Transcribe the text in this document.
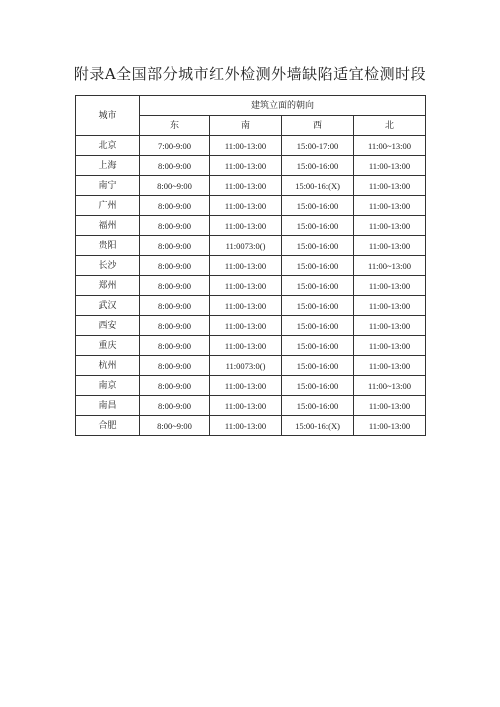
附录A全国部分城市红外检测外墙缺陷适宜检测时段
城市	建筑立面的朝向			
	东	南	西	北
北京	7:00-9:00	11:00-13:00	15:00-17:00	11:00~13:00
上海	8:00-9:00	11:00-13:00	15:00-16:00	11:00-13:00
南宁	8:00~9:00	11:00-13:00	15:00-16:(X)	11:00-13:00
广州	8:00-9:00	11:00-13:00	15:00-16:00	11:00-13:00
福州	8:00-9:00	11:00-13:00	15:00-16:00	11:00-13:00
贵阳	8:00-9:00	11:0073:0()	15:00-16:00	11:00-13:00
长沙	8:00-9:00	11:00-13:00	15:00-16:00	11:00~13:00
郑州	8:00-9:00	11:00-13:00	15:00-16:00	11:00-13:00
武汉	8:00-9:00	11:00-13:00	15:00-16:00	11:00-13:00
西安	8:00-9:00	11:00-13:00	15:00-16:00	11:00-13:00
重庆	8:00-9:00	11:00-13:00	15:00-16:00	11:00-13:00
杭州	8:00-9:00	11:0073:0()	15:00-16:00	11:00-13:00
南京	8:00-9:00	11:00-13:00	15:00-16:00	11:00~13:00
南昌	8:00-9:00	11:00-13:00	15:00-16:00	11:00-13:00
合肥	8:00~9:00	11:00-13:00	15:00-16:(X)	11:00-13:00
